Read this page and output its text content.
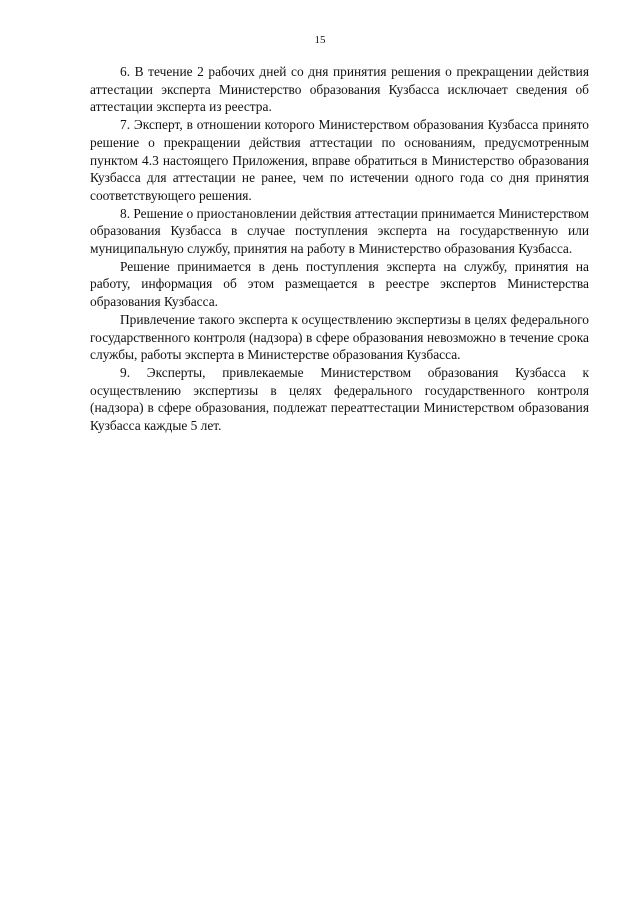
15

6. В течение 2 рабочих дней со дня принятия решения о прекращении действия аттестации эксперта Министерство образования Кузбасса исключает сведения об аттестации эксперта из реестра.

7. Эксперт, в отношении которого Министерством образования Кузбасса принято решение о прекращении действия аттестации по основаниям, предусмотренным пунктом 4.3 настоящего Приложения, вправе обратиться в Министерство образования Кузбасса для аттестации не ранее, чем по истечении одного года со дня принятия соответствующего решения.

8. Решение о приостановлении действия аттестации принимается Министерством образования Кузбасса в случае поступления эксперта на государственную или муниципальную службу, принятия на работу в Министерство образования Кузбасса.

Решение принимается в день поступления эксперта на службу, принятия на работу, информация об этом размещается в реестре экспертов Министерства образования Кузбасса.

Привлечение такого эксперта к осуществлению экспертизы в целях федерального государственного контроля (надзора) в сфере образования невозможно в течение срока службы, работы эксперта в Министерстве образования Кузбасса.

9. Эксперты, привлекаемые Министерством образования Кузбасса к осуществлению экспертизы в целях федерального государственного контроля (надзора) в сфере образования, подлежат переаттестации Министерством образования Кузбасса каждые 5 лет.
